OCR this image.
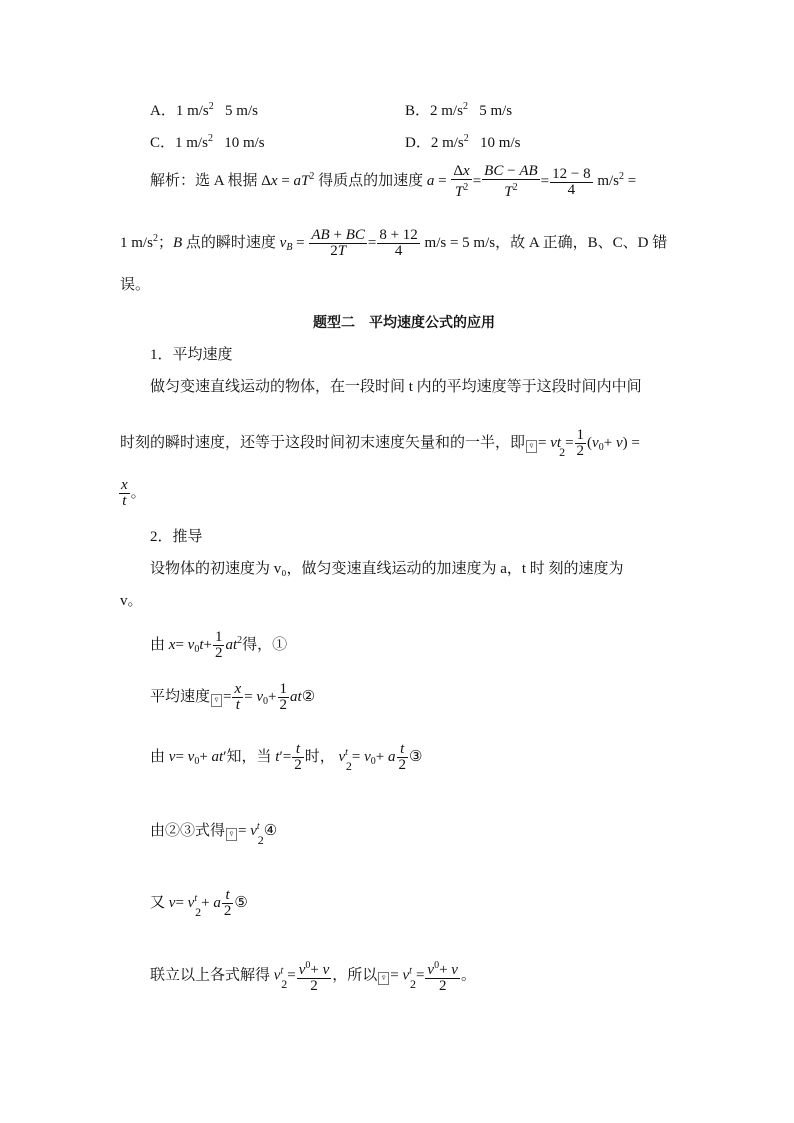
A．1 $m/s^2$   5 m/s	B．2 $m/s^2$   5 m/s
C．1 $m/s^2$   10 m/s	D．2 $m/s^2$   10 m/s
解析：选 A 根据 $\Delta x = aT^2$ 得质点的加速度 $a = \frac{\Delta x}{T^2} = \frac{BC - AB}{T^2} = \frac{12 - 8}{4} m/s^2$ =
1 $m/s^2$；B 点的瞬时速度 $v_B = \frac{AB + BC}{2T} = \frac{8 + 12}{4} m/s = 5$ m/s，故 A 正确，B、C、D 错
误。
题型二　平均速度公式的应用
1．平均速度
做匀变速直线运动的物体，在一段时间 t 内的平均速度等于这段时间内中间
时刻的瞬时速度，还等于这段时间初末速度矢量和的一半，即 v̄ = $vt2= \frac{1}{2} (v_0+ v)$ =
$\frac{x}{t}$ 。
2．推导
设物体的初速度为 v₀，做匀变速直线运动的加速度为 a，t 时 刻的速度为
v。
由 $x= v_0t+ \frac{1}{2} at^2$得，①
平均速度 v̄ = $\frac{x}{t} = v_0+ \frac{1}{2}$ at②
由 $v= v_0+ at'$知，当 $t'= \frac{t}{2}$ 时， $v^t2= v_0+ a \frac{t}{2}$ ③
由②③式得 v̄ = $v^t2④$
又 $v= v^t2+ a \frac{t}{2}$ ⑤
联立以上各式解得 $v^t2= \frac{v^0+ v}{2}$ ，所以 v̄ = $v^t2= \frac{v^0+ v}{2}$ 。
